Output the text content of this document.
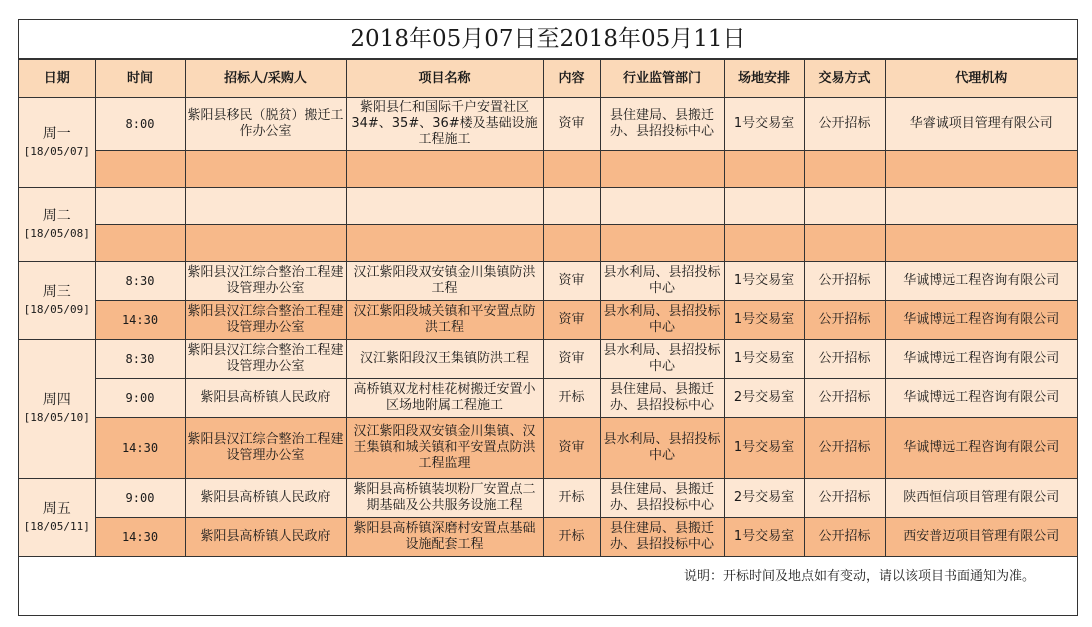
2018年05月07日至2018年05月11日
日期	时间	招标人/采购人	项目名称	内容	行业监管部门	场地安排	交易方式	代理机构

周一
[18/05/07]	8:00	紫阳县移民（脱贫）搬迁工作办公室	紫阳县仁和国际千户安置社区34#、35#、36#楼及基础设施工程施工	资审	县住建局、县搬迁办、县招投标中心	1号交易室	公开招标	华睿诚项目管理有限公司

周二
[18/05/08]								

周三
[18/05/09]	8:30	紫阳县汉江综合整治工程建设管理办公室	汉江紫阳段双安镇金川集镇防洪工程	资审	县水利局、县招投标中心	1号交易室	公开招标	华诚博远工程咨询有限公司
	14:30	紫阳县汉江综合整治工程建设管理办公室	汉江紫阳段城关镇和平安置点防洪工程	资审	县水利局、县招投标中心	1号交易室	公开招标	华诚博远工程咨询有限公司

周四
[18/05/10]	8:30	紫阳县汉江综合整治工程建设管理办公室	汉江紫阳段汉王集镇防洪工程	资审	县水利局、县招投标中心	1号交易室	公开招标	华诚博远工程咨询有限公司
	9:00	紫阳县高桥镇人民政府	高桥镇双龙村桂花树搬迁安置小区场地附属工程施工	开标	县住建局、县搬迁办、县招投标中心	2号交易室	公开招标	华诚博远工程咨询有限公司
	14:30	紫阳县汉江综合整治工程建设管理办公室	汉江紫阳段双安镇金川集镇、汉王集镇和城关镇和平安置点防洪工程监理	资审	县水利局、县招投标中心	1号交易室	公开招标	华诚博远工程咨询有限公司

周五
[18/05/11]	9:00	紫阳县高桥镇人民政府	紫阳县高桥镇装坝粉厂安置点二期基础及公共服务设施工程	开标	县住建局、县搬迁办、县招投标中心	2号交易室	公开招标	陕西恒信项目管理有限公司
	14:30	紫阳县高桥镇人民政府	紫阳县高桥镇深磨村安置点基础设施配套工程	开标	县住建局、县搬迁办、县招投标中心	1号交易室	公开招标	西安普迈项目管理有限公司
说明：开标时间及地点如有变动，请以该项目书面通知为准。								
